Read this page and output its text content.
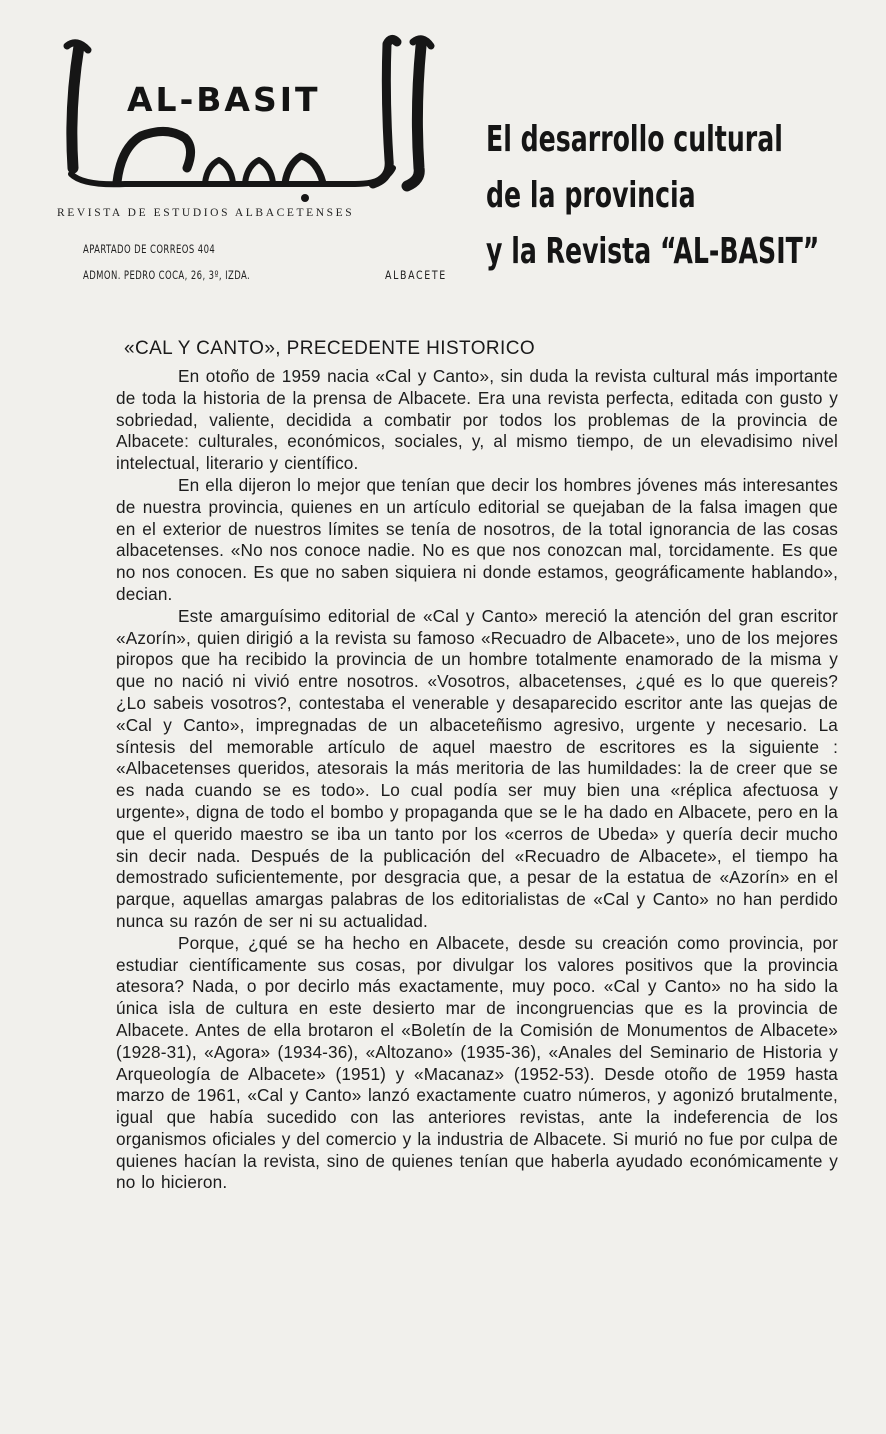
AL-BASIT
REVISTA DE ESTUDIOS ALBACETENSES
APARTADO DE CORREOS 404
ADMON. PEDRO COCA, 26, 3º, IZDA.	ALBACETE
El desarrollo cultural
de la provincia
y la Revista “AL-BASIT”
«CAL Y CANTO», PRECEDENTE HISTORICO

En otoño de 1959 nacia «Cal y Canto», sin duda la revista cultural más importante de toda la historia de la prensa de Albacete. Era una revista perfecta, editada con gusto y sobriedad, valiente, decidida a combatir por todos los problemas de la provincia de Albacete: culturales, económicos, sociales, y, al mismo tiempo, de un elevadisimo nivel intelectual, literario y científico.

En ella dijeron lo mejor que tenían que decir los hombres jóvenes más interesantes de nuestra provincia, quienes en un artículo editorial se quejaban de la falsa imagen que en el exterior de nuestros límites se tenía de nosotros, de la total ignorancia de las cosas albacetenses. «No nos conoce nadie. No es que nos conozcan mal, torcidamente. Es que no nos conocen. Es que no saben siquiera ni donde estamos, geográficamente hablando», decian.

Este amarguísimo editorial de «Cal y Canto» mereció la atención del gran escritor «Azorín», quien dirigió a la revista su famoso «Recuadro de Albacete», uno de los mejores piropos que ha recibido la provincia de un hombre totalmente enamorado de la misma y que no nació ni vivió entre nosotros. «Vosotros, albacetenses, ¿qué es lo que quereis? ¿Lo sabeis vosotros?, contestaba el venerable y desaparecido escritor ante las quejas de «Cal y Canto», impregnadas de un albaceteñismo agresivo, urgente y necesario. La síntesis del memorable artículo de aquel maestro de escritores es la siguiente : «Albacetenses queridos, atesorais la más meritoria de las humildades: la de creer que se es nada cuando se es todo». Lo cual podía ser muy bien una «réplica afectuosa y urgente», digna de todo el bombo y propaganda que se le ha dado en Albacete, pero en la que el querido maestro se iba un tanto por los «cerros de Ubeda» y quería decir mucho sin decir nada. Después de la publicación del «Recuadro de Albacete», el tiempo ha demostrado suficientemente, por desgracia que, a pesar de la estatua de «Azorín» en el parque, aquellas amargas palabras de los editorialistas de «Cal y Canto» no han perdido nunca su razón de ser ni su actualidad.

Porque, ¿qué se ha hecho en Albacete, desde su creación como provincia, por estudiar científicamente sus cosas, por divulgar los valores positivos que la provincia atesora? Nada, o por decirlo más exactamente, muy poco. «Cal y Canto» no ha sido la única isla de cultura en este desierto mar de incongruencias que es la provincia de Albacete. Antes de ella brotaron el «Boletín de la Comisión de Monumentos de Albacete» (1928-31), «Agora» (1934-36), «Altozano» (1935-36), «Anales del Seminario de Historia y Arqueología de Albacete» (1951) y «Macanaz» (1952-53). Desde otoño de 1959 hasta marzo de 1961, «Cal y Canto» lanzó exactamente cuatro números, y agonizó brutalmente, igual que había sucedido con las anteriores revistas, ante la indeferencia de los organismos oficiales y del comercio y la industria de Albacete. Si murió no fue por culpa de quienes hacían la revista, sino de quienes tenían que haberla ayudado económicamente y no lo hicieron.
